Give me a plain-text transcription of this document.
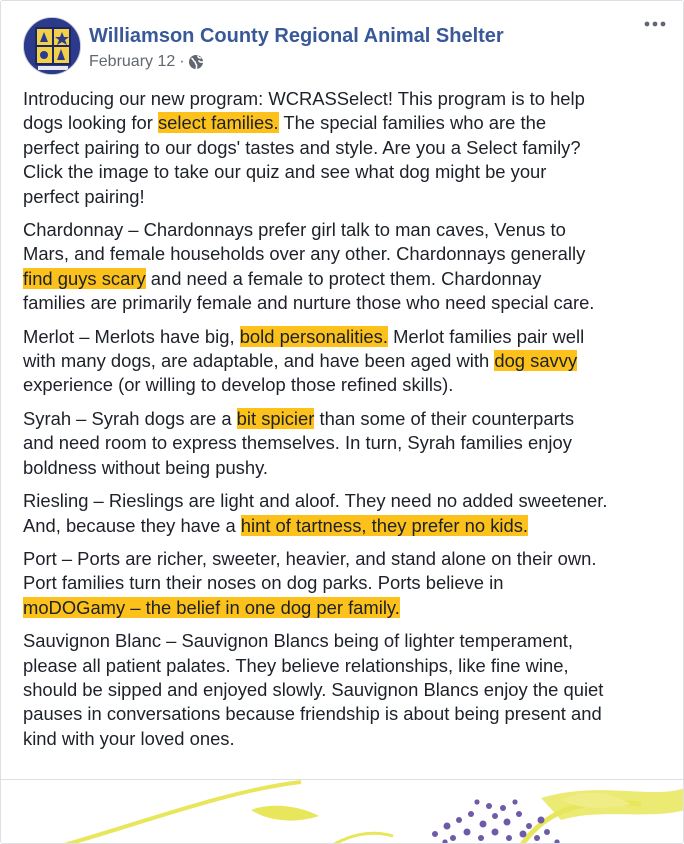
Williamson County Regional Animal Shelter
February 12 ·
Introducing our new program: WCRASSelect! This program is to help
dogs looking for select families. The special families who are the
perfect pairing to our dogs' tastes and style. Are you a Select family?
Click the image to take our quiz and see what dog might be your
perfect pairing!
Chardonnay – Chardonnays prefer girl talk to man caves, Venus to
Mars, and female households over any other. Chardonnays generally
find guys scary and need a female to protect them. Chardonnay
families are primarily female and nurture those who need special care.
Merlot – Merlots have big, bold personalities. Merlot families pair well
with many dogs, are adaptable, and have been aged with dog savvy
experience (or willing to develop those refined skills).
Syrah – Syrah dogs are a bit spicier than some of their counterparts
and need room to express themselves. In turn, Syrah families enjoy
boldness without being pushy.
Riesling – Rieslings are light and aloof. They need no added sweetener.
And, because they have a hint of tartness, they prefer no kids.
Port – Ports are richer, sweeter, heavier, and stand alone on their own.
Port families turn their noses on dog parks. Ports believe in
moDOGamy – the belief in one dog per family.
Sauvignon Blanc – Sauvignon Blancs being of lighter temperament,
please all patient palates. They believe relationships, like fine wine,
should be sipped and enjoyed slowly. Sauvignon Blancs enjoy the quiet
pauses in conversations because friendship is about being present and
kind with your loved ones.
